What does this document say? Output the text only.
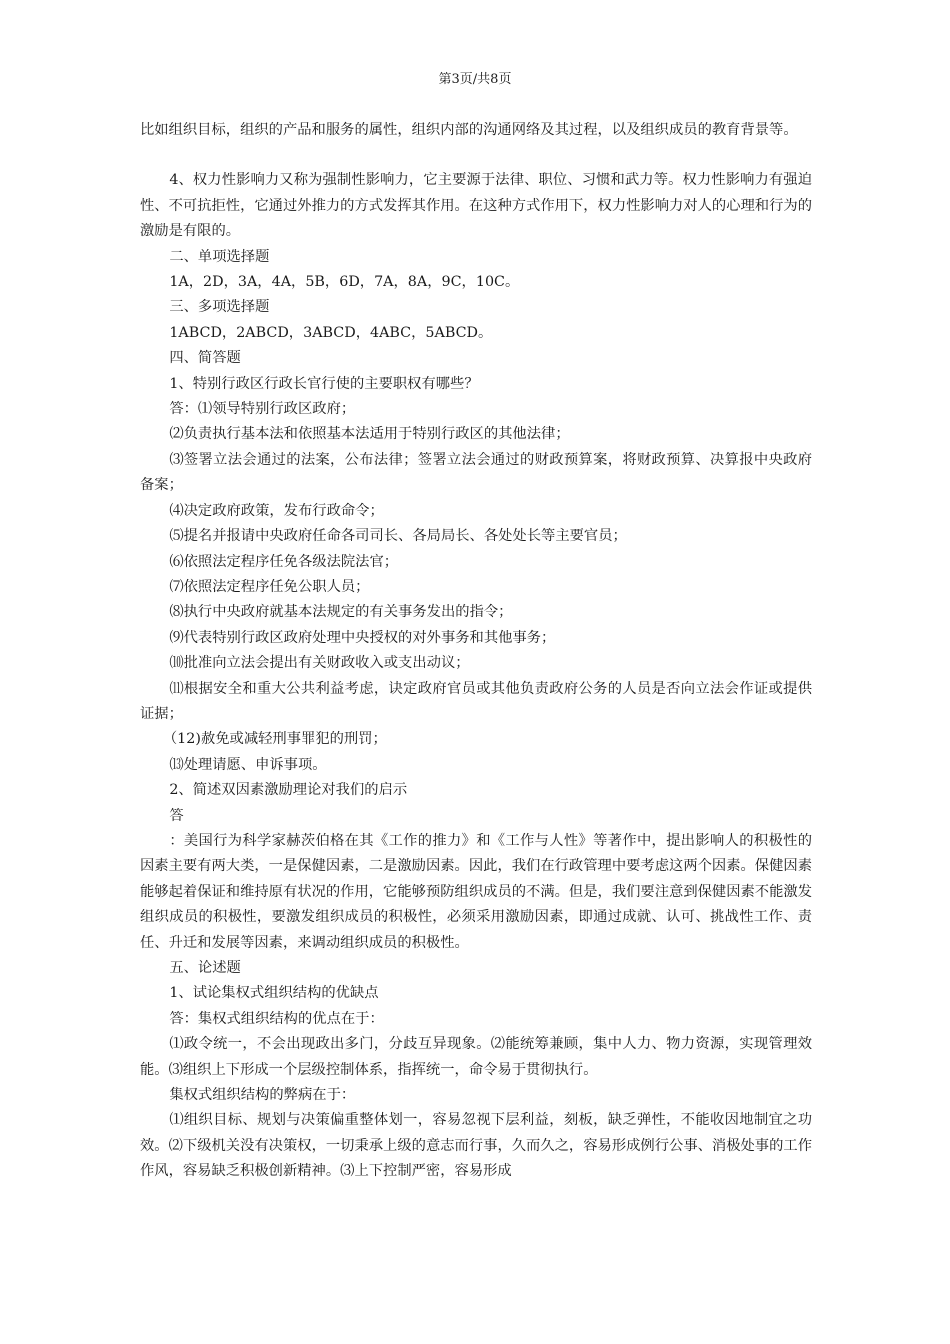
第3页/共8页

比如组织目标，组织的产品和服务的属性，组织内部的沟通网络及其过程，以及组织成员的教育背景等。

4、权力性影响力又称为强制性影响力，它主要源于法律、职位、习惯和武力等。权力性影响力有强迫性、不可抗拒性，它通过外推力的方式发挥其作用。在这种方式作用下，权力性影响力对人的心理和行为的激励是有限的。

二、单项选择题

1A，2D，3A，4A，5B，6D，7A，8A，9C，10C。

三、多项选择题

1ABCD，2ABCD，3ABCD，4ABC，5ABCD。

四、简答题

1、特别行政区行政长官行使的主要职权有哪些？

答：⑴领导特别行政区政府；

⑵负责执行基本法和依照基本法适用于特别行政区的其他法律；

⑶签署立法会通过的法案，公布法律；签署立法会通过的财政预算案，将财政预算、决算报中央政府备案；

⑷决定政府政策，发布行政命令；

⑸提名并报请中央政府任命各司司长、各局局长、各处处长等主要官员；

⑹依照法定程序任免各级法院法官；

⑺依照法定程序任免公职人员；

⑻执行中央政府就基本法规定的有关事务发出的指令；

⑼代表特别行政区政府处理中央授权的对外事务和其他事务；

⑽批准向立法会提出有关财政收入或支出动议；

⑾根据安全和重大公共利益考虑，诀定政府官员或其他负责政府公务的人员是否向立法会作证或提供证据；

（12)赦免或减轻刑事罪犯的刑罚；

⒀处理请愿、申诉事项。

2、简述双因素激励理论对我们的启示

答

：美国行为科学家赫茨伯格在其《工作的推力》和《工作与人性》等著作中，提出影响人的积极性的因素主要有两大类，一是保健因素，二是激励因素。因此，我们在行政管理中要考虑这两个因素。保健因素能够起着保证和维持原有状况的作用，它能够预防组织成员的不满。但是，我们要注意到保健因素不能激发组织成员的积极性，要激发组织成员的积极性，必须采用激励因素，即通过成就、认可、挑战性工作、责任、升迁和发展等因素，来调动组织成员的积极性。

五、论述题

1、试论集权式组织结构的优缺点

答：集权式组织结构的优点在于：

⑴政令统一，不会出现政出多门，分歧互异现象。⑵能统筹兼顾，集中人力、物力资源，实现管理效能。⑶组织上下形成一个层级控制体系，指挥统一，命令易于贯彻执行。

集权式组织结构的弊病在于：

⑴组织目标、规划与决策偏重整体划一，容易忽视下层利益，刻板，缺乏弹性，不能收因地制宜之功效。⑵下级机关没有决策权，一切秉承上级的意志而行事，久而久之，容易形成例行公事、消极处事的工作作风，容易缺乏积极创新精神。⑶上下控制严密，容易形成
